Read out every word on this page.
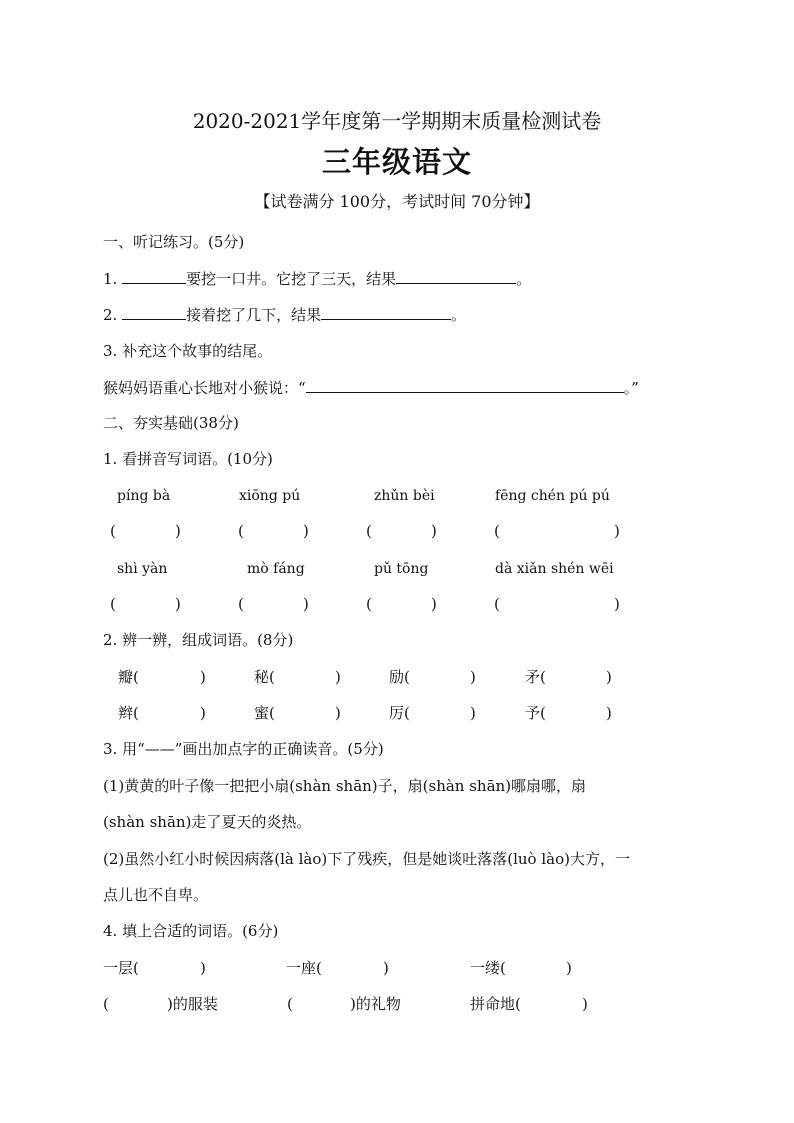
2020-2021学年度第一学期期末质量检测试卷
三年级语文
【试卷满分 100分，考试时间 70分钟】
一、听记练习。(5分)
1.	要挖一口井。它挖了三天，结果	。
2.	接着挖了几下，结果	。
3. 补充这个故事的结尾。
猴妈妈语重心长地对小猴说：“	。”
二、夯实基础(38分)
1. 看拼音写词语。(10分)
píng bà	xiōng pú	zhǔn bèi	fēng chén pú pú
(	)	(	)	(	)	(	)
shì yàn	mò fáng	pǔ tōng	dà xiǎn shén wēi
(	)	(	)	(	)	(	)
2. 辨一辨，组成词语。(8分)
瓣(	)	秘(	)	励(	)	矛(	)
辫(	)	蜜(	)	厉(	)	予(	)
3. 用“——”画出加点字的正确读音。(5分)
(1)黄黄的叶子像一把把小扇(shàn shān)子，扇(shàn shān)哪扇哪，扇
(shàn shān)走了夏天的炎热。
(2)虽然小红小时候因病落(là lào)下了残疾，但是她谈吐落落(luò lào)大方，一
点儿也不自卑。
4. 填上合适的词语。(6分)
一层(	)	一座(	)	一缕(	)
(	)的服装	(	)的礼物	拼命地(	)
